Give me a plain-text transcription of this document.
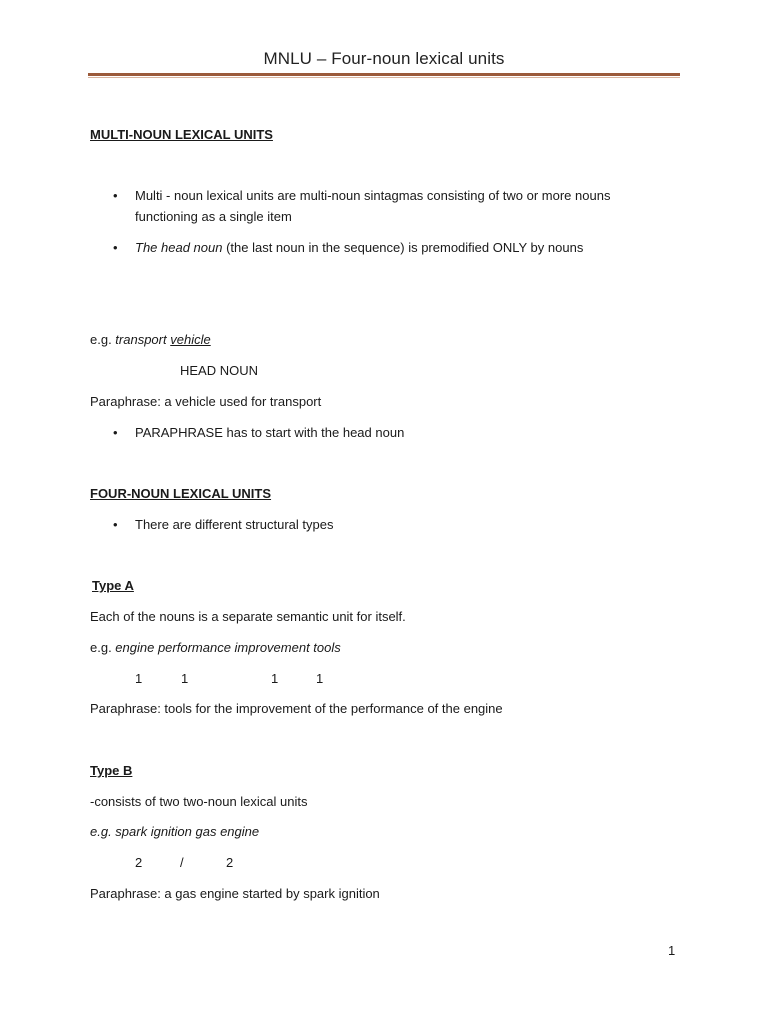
MNLU – Four-noun lexical units
MULTI-NOUN LEXICAL UNITS
• Multi - noun lexical units are multi-noun sintagmas consisting of two or more nouns
functioning as a single item
• The head noun (the last noun in the sequence) is premodified ONLY by nouns
e.g. transport vehicle
HEAD NOUN
Paraphrase: a vehicle used for transport
• PARAPHRASE has to start with the head noun
FOUR-NOUN LEXICAL UNITS
• There are different structural types
Type A
Each of the nouns is a separate semantic unit for itself.
e.g. engine performance improvement tools
1	1	1	1
Paraphrase: tools for the improvement of the performance of the engine
Type B
-consists of two two-noun lexical units
e.g. spark ignition gas engine
2	/	2
Paraphrase: a gas engine started by spark ignition
1
